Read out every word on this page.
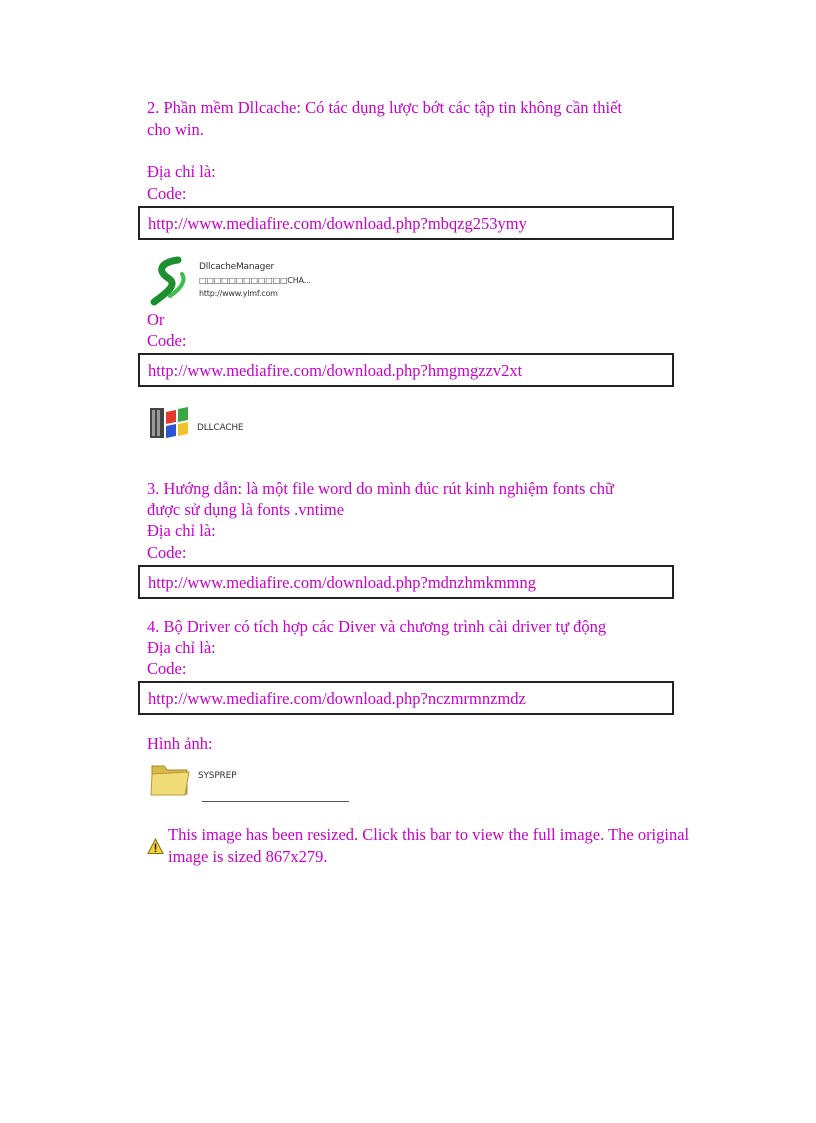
2. Phần mềm Dllcache: Có tác dụng lược bớt các tập tin không cần thiết
cho win.
Địa chỉ là:
Code:
http://www.mediafire.com/download.php?mbqzg253ymy
DllcacheManager
□□□□□□□□□□□□CHA...
http://www.ylmf.com
Or
Code:
http://www.mediafire.com/download.php?hmgmgzzv2xt
DLLCACHE
3. Hướng dẫn: là một file word do mình đúc rút kinh nghiệm fonts chữ
được sử dụng là fonts .vntime
Địa chỉ là:
Code:
http://www.mediafire.com/download.php?mdnzhmkmmng
4. Bộ Driver có tích hợp các Diver và chương trình cài driver tự động
Địa chỉ là:
Code:
http://www.mediafire.com/download.php?nczmrmnzmdz
Hình ảnh:
SYSPREP
This image has been resized. Click this bar to view the full image. The original
image is sized 867x279.
